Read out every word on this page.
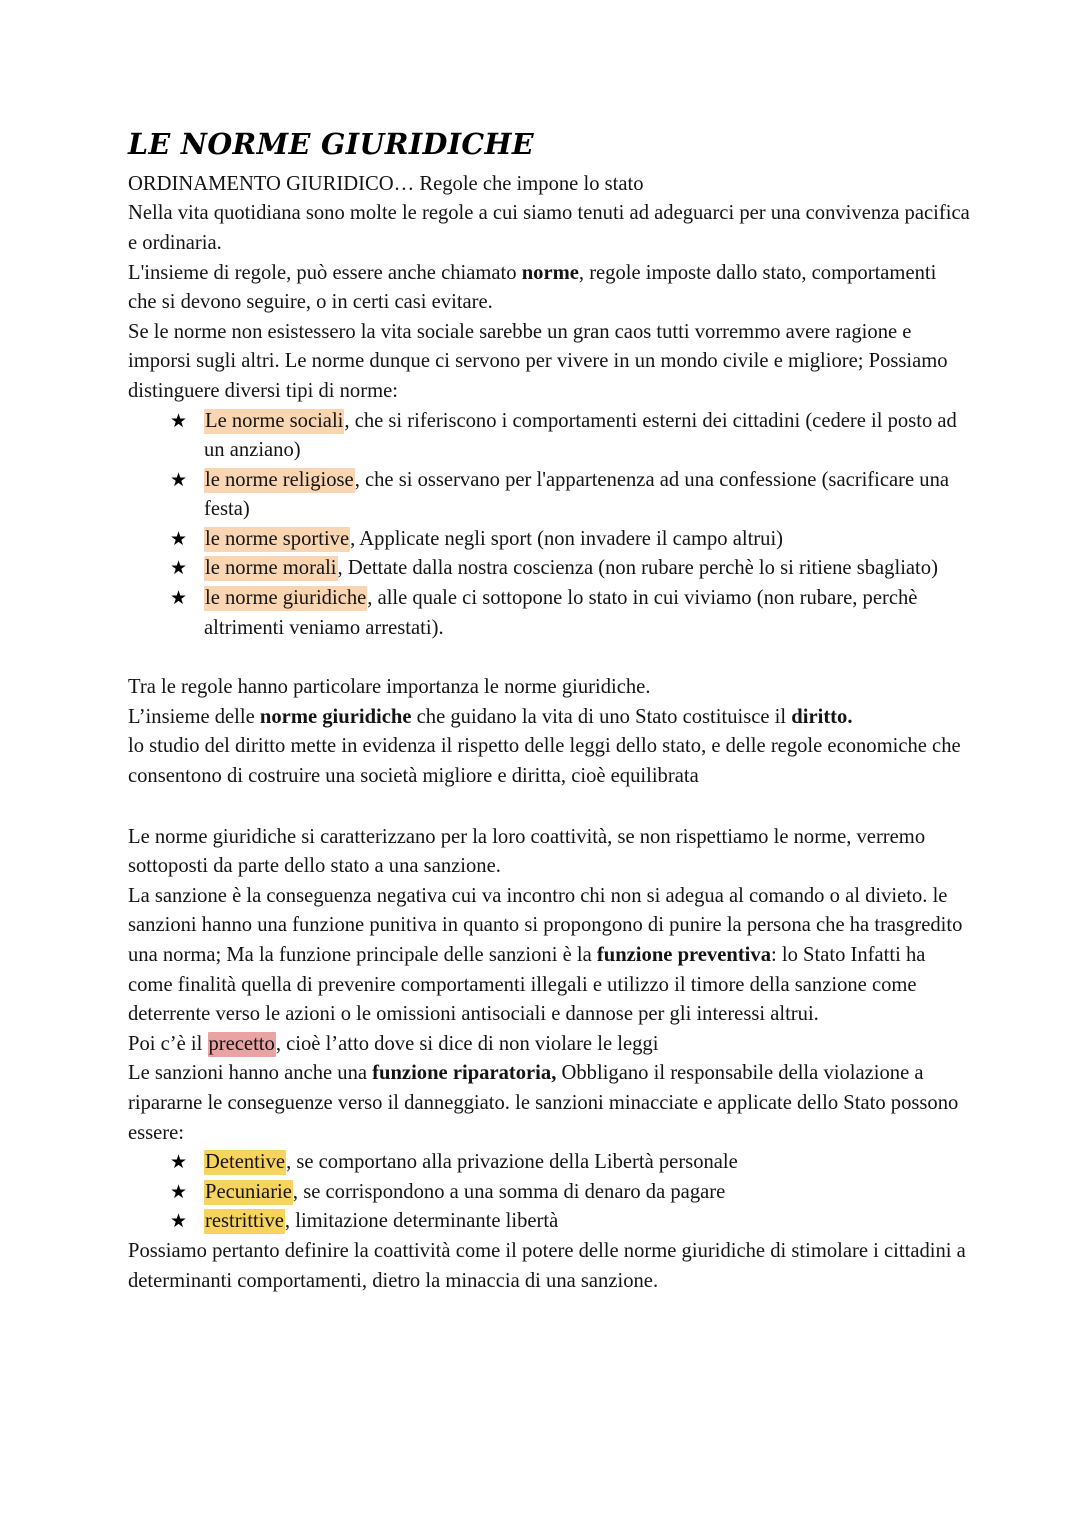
LE NORME GIURIDICHE

ORDINAMENTO GIURIDICO… Regole che impone lo stato

Nella vita quotidiana sono molte le regole a cui siamo tenuti ad adeguarci per una convivenza pacifica e ordinaria.

L'insieme di regole, può essere anche chiamato norme, regole imposte dallo stato, comportamenti che si devono seguire, o in certi casi evitare.

Se le norme non esistessero la vita sociale sarebbe un gran caos tutti vorremmo avere ragione e imporsi sugli altri. Le norme dunque ci servono per vivere in un mondo civile e migliore; Possiamo distinguere diversi tipi di norme:

★ Le norme sociali, che si riferiscono i comportamenti esterni dei cittadini (cedere il posto ad un anziano)
★ le norme religiose, che si osservano per l'appartenenza ad una confessione (sacrificare una festa)
★ le norme sportive, Applicate negli sport (non invadere il campo altrui)
★ le norme morali, Dettate dalla nostra coscienza (non rubare perchè lo si ritiene sbagliato)
★ le norme giuridiche, alle quale ci sottopone lo stato in cui viviamo (non rubare, perchè altrimenti veniamo arrestati).

Tra le regole hanno particolare importanza le norme giuridiche.

L’insieme delle norme giuridiche che guidano la vita di uno Stato costituisce il diritto.

lo studio del diritto mette in evidenza il rispetto delle leggi dello stato, e delle regole economiche che consentono di costruire una società migliore e diritta, cioè equilibrata

Le norme giuridiche si caratterizzano per la loro coattività, se non rispettiamo le norme, verremo sottoposti da parte dello stato a una sanzione.

La sanzione è la conseguenza negativa cui va incontro chi non si adegua al comando o al divieto. le sanzioni hanno una funzione punitiva in quanto si propongono di punire la persona che ha trasgredito una norma; Ma la funzione principale delle sanzioni è la funzione preventiva: lo Stato Infatti ha come finalità quella di prevenire comportamenti illegali e utilizzo il timore della sanzione come deterrente verso le azioni o le omissioni antisociali e dannose per gli interessi altrui.

Poi c’è il precetto, cioè l’atto dove si dice di non violare le leggi

Le sanzioni hanno anche una funzione riparatoria, Obbligano il responsabile della violazione a ripararne le conseguenze verso il danneggiato. le sanzioni minacciate e applicate dello Stato possono essere:

★ Detentive, se comportano alla privazione della Libertà personale
★ Pecuniarie, se corrispondono a una somma di denaro da pagare
★ restrittive, limitazione determinante libertà

Possiamo pertanto definire la coattività come il potere delle norme giuridiche di stimolare i cittadini a determinanti comportamenti, dietro la minaccia di una sanzione.
